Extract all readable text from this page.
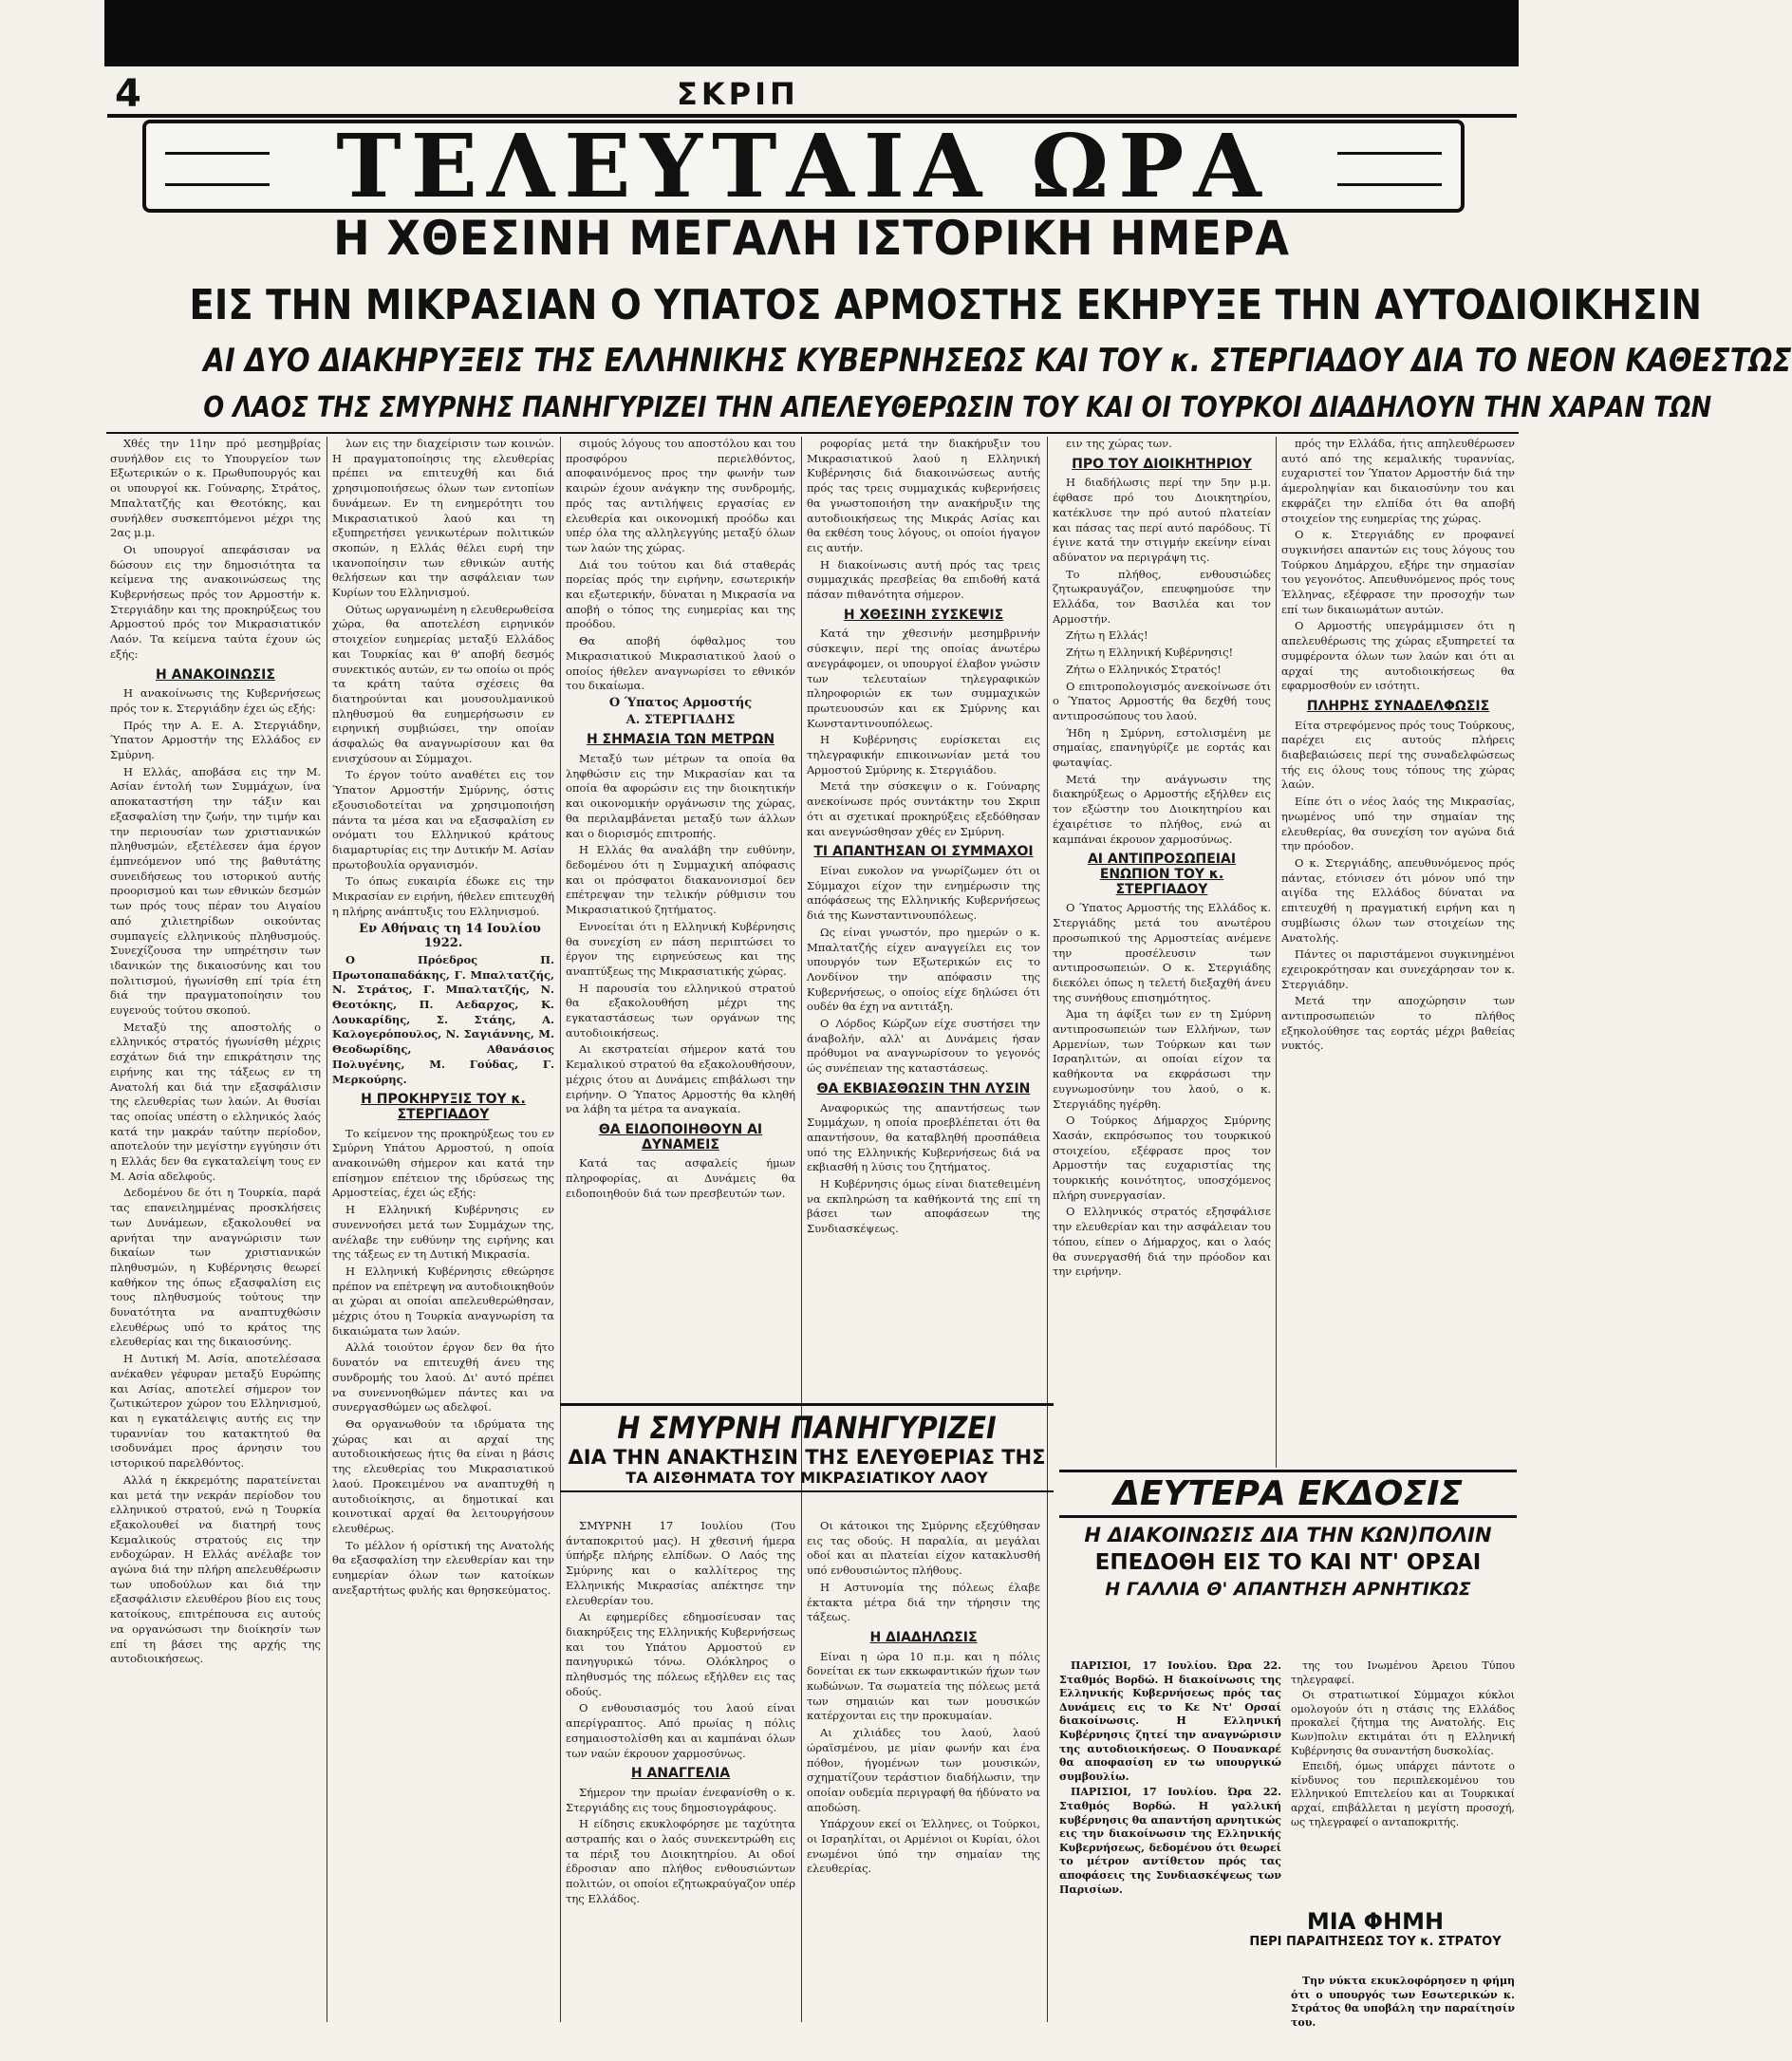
4	ΣΚΡΙΠ
ΤΕΛΕΥΤΑΙΑ ΩΡΑ
Η ΧΘΕΣΙΝΗ ΜΕΓΑΛΗ ΙΣΤΟΡΙΚΗ ΗΜΕΡΑ
ΕΙΣ ΤΗΝ ΜΙΚΡΑΣΙΑΝ Ο ΥΠΑΤΟΣ ΑΡΜΟΣΤΗΣ ΕΚΗΡΥΞΕ ΤΗΝ ΑΥΤΟΔΙΟΙΚΗΣΙΝ
ΑΙ ΔΥΟ ΔΙΑΚΗΡΥΞΕΙΣ ΤΗΣ ΕΛΛΗΝΙΚΗΣ ΚΥΒΕΡΝΗΣΕΩΣ ΚΑΙ ΤΟΥ κ. ΣΤΕΡΓΙΑΔΟΥ ΔΙΑ ΤΟ ΝΕΟΝ ΚΑΘΕΣΤΩΣ
Ο ΛΑΟΣ ΤΗΣ ΣΜΥΡΝΗΣ ΠΑΝΗΓΥΡΙΖΕΙ ΤΗΝ ΑΠΕΛΕΥΘΕΡΩΣΙΝ ΤΟΥ ΚΑΙ ΟΙ ΤΟΥΡΚΟΙ ΔΙΑΔΗΛΟΥΝ ΤΗΝ ΧΑΡΑΝ ΤΩΝ

Χθές την 11ην πρό μεσημβρίας συνήλθον εις το Υπουργείον των Εξωτερικών ο κ. Πρωθυπουργός και οι υπουργοί κκ. Γούναρης, Στράτος, Μπαλτατζής και Θεοτόκης, και συνήλθεν συσκεπτόμενοι μέχρι της 2ας μ.μ.

Οι υπουργοί απεφάσισαν να δώσουν εις την δημοσιότητα τα κείμενα της ανακοινώσεως της Κυβερνήσεως πρός τον Αρμοστήν κ. Στεργιάδην και της προκηρύξεως του Αρμοστού πρός τον Μικρασιατικόν Λαόν. Τα κείμενα ταύτα έχουν ώς εξής:

Η ΑΝΑΚΟΙΝΩΣΙΣ

Η ανακοίνωσις της Κυβερνήσεως πρός τον κ. Στεργιάδην έχει ώς εξής:

Πρός την Α. Ε. Α. Στεργιάδην, Ύπατον Αρμοστήν της Ελλάδος εν Σμύρνη.

Η Ελλάς, αποβάσα εις την Μ. Ασίαν έντολή των Συμμάχων, ίνα αποκαταστήση την τάξιν και εξασφαλίση την ζωήν, την τιμήν και την περιουσίαν των χριστιανικών πληθυσμών, εξετέλεσεν άμα έργον έμπνεόμενον υπό της βαθυτάτης συνειδήσεως του ιστορικού αυτής προορισμού και των εθνικών δεσμών των πρός τους πέραν του Αιγαίου από χιλιετηρίδων οικούντας συμπαγείς ελληνικούς πληθυσμούς. Συνεχίζουσα την υπηρέτησιν των ιδανικών της δικαιοσύνης και του πολιτισμού, ήγωνίσθη επί τρία έτη διά την πραγματοποίησιν του ευγενούς τούτου σκοπού.

Μεταξύ της αποστολής ο ελληνικός στρατός ήγωνίσθη μέχρις εσχάτων διά την επικράτησιν της ειρήνης και της τάξεως εν τη Ανατολή και διά την εξασφάλισιν της ελευθερίας των λαών. Αι θυσίαι τας οποίας υπέστη ο ελληνικός λαός κατά την μακράν ταύτην περίοδον, αποτελούν την μεγίστην εγγύησιν ότι η Ελλάς δεν θα εγκαταλείψη τους εν Μ. Ασία αδελφούς.

Δεδομένου δε ότι η Τουρκία, παρά τας επανειλημμένας προσκλήσεις των Δυνάμεων, εξακολουθεί να αρνήται την αναγνώρισιν των δικαίων των χριστιανικών πληθυσμών, η Κυβέρνησις θεωρεί καθήκον της όπως εξασφαλίση εις τους πληθυσμούς τούτους την δυνατότητα να αναπτυχθώσιν ελευθέρως υπό το κράτος της ελευθερίας και της δικαιοσύνης.

Η Δυτική Μ. Ασία, αποτελέσασα ανέκαθεν γέφυραν μεταξύ Ευρώπης και Ασίας, αποτελεί σήμερον τον ζωτικώτερον χώρον του Ελληνισμού, και η εγκατάλειψις αυτής εις την τυραννίαν του κατακτητού θα ισοδυνάμει προς άρνησιν του ιστορικού παρελθόντος.

Αλλά η έκκρεμότης παρατείνεται και μετά την νεκράν περίοδον του ελληνικού στρατού, ενώ η Τουρκία εξακολουθεί να διατηρή τους Κεμαλικούς στρατούς εις την ενδοχώραν. Η Ελλάς ανέλαβε τον αγώνα διά την πλήρη απελευθέρωσιν των υποδούλων και διά την εξασφάλισιν ελευθέρου βίου εις τους κατοίκους, επιτρέπουσα εις αυτούς να οργανώσωσι την διοίκησίν των επί τη βάσει της αρχής της αυτοδιοικήσεως.

λων εις την διαχείρισιν των κοινών. Η πραγματοποίησις της ελευθερίας πρέπει να επιτευχθή και διά χρησιμοποιήσεως όλων των εντοπίων δυνάμεων. Εν τη ενημερότητι του Μικρασιατικού λαού και τη εξυπηρετήσει γενικωτέρων πολιτικών σκοπών, η Ελλάς θέλει ευρή την ικανοποίησιν των εθνικών αυτής θελήσεων και την ασφάλειαν των Κυρίων του Ελληνισμού.

Ούτως ωργανωμένη η ελευθερωθείσα χώρα, θα αποτελέση ειρηνικόν στοιχείον ευημερίας μεταξύ Ελλάδος και Τουρκίας και θ' αποβή δεσμός συνεκτικός αυτών, εν τω οποίω οι πρός τα κράτη ταύτα σχέσεις θα διατηρούνται και μουσουλμανικού πληθυσμού θα ευημερήσωσιν εν ειρηνική συμβιώσει, την οποίαν άσφαλώς θα αναγνωρίσουν και θα ενισχύσουν αι Σύμμαχοι.

Το έργον τούτο αναθέτει εις τον Ύπατον Αρμοστήν Σμύρνης, όστις εξουσιοδοτείται να χρησιμοποιήση πάντα τα μέσα και να εξασφαλίση εν ονόματι του Ελληνικού κράτους διαμαρτυρίας εις την Δυτικήν Μ. Ασίαν πρωτοβουλία οργανισμόν.

Το όπως ευκαιρία έδωκε εις την Μικρασίαν εν ειρήνη, ήθελεν επιτευχθή η πλήρης ανάπτυξις του Ελληνισμού.

Εν Αθήναις τη 14 Ιουλίου 1922.

Ο Πρόεδρος Π. Πρωτοπαπαδάκης, Γ. Μπαλτατζής, Ν. Στράτος, Γ. Μπαλτατζής, Ν. Θεοτόκης, Π. Αεδαρχος, Κ. Λουκαρίδης, Σ. Στάης, Α. Καλογερόπουλος, Ν. Σαγιάννης, Μ. Θεοδωρίδης, Αθανάσιος Πολυγένης, Μ. Γούδας, Γ. Μερκούρης.

Η ΠΡΟΚΗΡΥΞΙΣ ΤΟΥ κ. ΣΤΕΡΓΙΑΔΟΥ

Το κείμενον της προκηρύξεως του εν Σμύρνη Υπάτου Αρμοστού, η οποία ανακοινώθη σήμερον και κατά την επίσημον επέτειον της ιδρύσεως της Αρμοστείας, έχει ώς εξής:

Η Ελληνική Κυβέρνησις εν συνεννοήσει μετά των Συμμάχων της, ανέλαβε την ευθύνην της ειρήνης και της τάξεως εν τη Δυτική Μικρασία.

Η Ελληνική Κυβέρνησις εθεώρησε πρέπον να επέτρεψη να αυτοδιοικηθούν αι χώραι αι οποίαι απελευθερώθησαν, μέχρις ότου η Τουρκία αναγνωρίση τα δικαιώματα των λαών.

Αλλά τοιούτον έργον δεν θα ήτο δυνατόν να επιτευχθή άνευ της συνδρομής του λαού. Δι' αυτό πρέπει να συνεννοηθώμεν πάντες και να συνεργασθώμεν ως αδελφοί.

Θα οργανωθούν τα ιδρύματα της χώρας και αι αρχαί της αυτοδιοικήσεως ήτις θα είναι η βάσις της ελευθερίας του Μικρασιατικού λαού. Προκειμένου να αναπτυχθή η αυτοδιοίκησις, αι δημοτικαί και κοινοτικαί αρχαί θα λειτουργήσουν ελευθέρως.

Το μέλλον ή ορίστική της Ανατολής θα εξασφαλίση την ελευθερίαν και την ευημερίαν όλων των κατοίκων ανεξαρτήτως φυλής και θρησκεύματος.

σιμούς λόγους του αποστόλου και του προσφόρου περιελθόντος, αποφαινόμενος προς την φωνήν των καιρών έχουν ανάγκην της συνδρομής, πρός τας αντιλήψεις εργασίας εν ελευθερία και οικονομική προόδω και υπέρ όλα της αλληλεγγύης μεταξύ όλων των λαών της χώρας.

Διά του τούτου και διά σταθεράς πορείας πρός την ειρήνην, εσωτερικήν και εξωτερικήν, δύναται η Μικρασία να αποβή ο τόπος της ευημερίας και της προόδου.

Θα αποβή όφθαλμος του Μικρασιατικού Μικρασιατικού λαού ο οποίος ήθελεν αναγνωρίσει το εθνικόν του δικαίωμα.

Ο Ύπατος Αρμοστής
Α. ΣΤΕΡΓΙΑΔΗΣ
Η ΣΗΜΑΣΙΑ ΤΩΝ ΜΕΤΡΩΝ

Μεταξύ των μέτρων τα οποία θα ληφθώσιν εις την Μικρασίαν και τα οποία θα αφορώσιν εις την διοικητικήν και οικονομικήν οργάνωσιν της χώρας, θα περιλαμβάνεται μεταξύ των άλλων και ο διορισμός επιτροπής.

Η Ελλάς θα αναλάβη την ευθύνην, δεδομένου ότι η Συμμαχική απόφασις και οι πρόσφατοι διακανονισμοί δεν επέτρεψαν την τελικήν ρύθμισιν του Μικρασιατικού ζητήματος.

Εννοείται ότι η Ελληνική Κυβέρνησις θα συνεχίση εν πάση περιπτώσει το έργον της ειρηνεύσεως και της αναπτύξεως της Μικρασιατικής χώρας.

Η παρουσία του ελληνικού στρατού θα εξακολουθήση μέχρι της εγκαταστάσεως των οργάνων της αυτοδιοικήσεως.

Αι εκστρατείαι σήμερον κατά του Κεμαλικού στρατού θα εξακολουθήσουν, μέχρις ότου αι Δυνάμεις επιβάλωσι την ειρήνην. Ο Ύπατος Αρμοστής θα κληθή να λάβη τα μέτρα τα αναγκαία.

ΘΑ ΕΙΔΟΠΟΙΗΘΟΥΝ ΑΙ ΔΥΝΑΜΕΙΣ

Κατά τας ασφαλείς ήμων πληροφορίας, αι Δυνάμεις θα ειδοποιηθούν διά των πρεσβευτών των.

ροφορίας μετά την διακήρυξιν του Μικρασιατικού λαού η Ελληνική Κυβέρνησις διά διακοινώσεως αυτής πρός τας τρεις συμμαχικάς κυβερνήσεις θα γνωστοποιήση την ανακήρυξιν της αυτοδιοικήσεως της Μικράς Ασίας και θα εκθέση τους λόγους, οι οποίοι ήγαγον εις αυτήν.

Η διακοίνωσις αυτή πρός τας τρεις συμμαχικάς πρεσβείας θα επιδοθή κατά πάσαν πιθανότητα σήμερον.

Η ΧΘΕΣΙΝΗ ΣΥΣΚΕΨΙΣ

Κατά την χθεσινήν μεσημβρινήν σύσκεψιν, περί της οποίας άνωτέρω ανεγράφομεν, οι υπουργοί έλαβον γνώσιν των τελευταίων τηλεγραφικών πληροφοριών εκ των συμμαχικών πρωτευουσών και εκ Σμύρνης και Κωνσταντινουπόλεως.

Η Κυβέρνησις ευρίσκεται εις τηλεγραφικήν επικοινωνίαν μετά του Αρμοστού Σμύρνης κ. Στεργιάδου.

Μετά την σύσκεψιν ο κ. Γούναρης ανεκοίνωσε πρός συντάκτην του Σκριπ ότι αι σχετικαί προκηρύξεις εξεδόθησαν και ανεγνώσθησαν χθές εν Σμύρνη.

ΤΙ ΑΠΑΝΤΗΣΑΝ ΟΙ ΣΥΜΜΑΧΟΙ

Είναι ευκολον να γνωρίζωμεν ότι οι Σύμμαχοι είχον την ενημέρωσιν της απόφάσεως της Ελληνικής Κυβερνήσεως διά της Κωνσταντινουπόλεως.

Ως είναι γνωστόν, προ ημερών ο κ. Μπαλτατζής είχεν αναγγείλει εις τον υπουργόν των Εξωτερικών εις το Λονδίνον την απόφασιν της Κυβερνήσεως, ο οποίος είχε δηλώσει ότι ουδέν θα έχη να αντιτάξη.

Ο Λόρδος Κώρζων είχε συστήσει την άναβολήν, αλλ' αι Δυνάμεις ήσαν πρόθυμοι να αναγνωρίσουν το γεγονός ώς συνέπειαν της καταστάσεως.

ΘΑ ΕΚΒΙΑΣΘΩΣΙΝ ΤΗΝ ΛΥΣΙΝ

Αναφορικώς της απαντήσεως των Συμμάχων, η οποία προεβλέπεται ότι θα απαντήσουν, θα καταβληθή προσπάθεια υπό της Ελληνικής Κυβερνήσεως διά να εκβιασθή η λύσις του ζητήματος.

Η Κυβέρνησις όμως είναι διατεθειμένη να εκπληρώση τα καθήκοντά της επί τη βάσει των αποφάσεων της Συνδιασκέψεως.

ειν της χώρας των.

ΠΡΟ ΤΟΥ ΔΙΟΙΚΗΤΗΡΙΟΥ

Η διαδήλωσις περί την 5ην μ.μ. έφθασε πρό του Διοικητηρίου, κατέκλυσε την πρό αυτού πλατείαν και πάσας τας περί αυτό παρόδους. Τί έγινε κατά την στιγμήν εκείνην είναι αδύνατον να περιγράψη τις.

Το πλήθος, ενθουσιώδες ζητωκραυγάζον, επευφημούσε την Ελλάδα, τον Βασιλέα και τον Αρμοστήν.

Ζήτω η Ελλάς!

Ζήτω η Ελληνική Κυβέρνησις!

Ζήτω ο Ελληνικός Στρατός!

Ο επιτροπολογισμός ανεκοίνωσε ότι ο Ύπατος Αρμοστής θα δεχθή τους αντιπροσώπους του λαού.

Ήδη η Σμύρνη, εστολισμένη με σημαίας, επανηγύρίζε με εορτάς και φωταψίας.

Μετά την ανάγνωσιν της διακηρύξεως ο Αρμοστής εξήλθεν εις τον εξώστην του Διοικητηρίου και έχαιρέτισε το πλήθος, ενώ αι καμπάναι έκρουον χαρμοσύνως.

ΑΙ ΑΝΤΙΠΡΟΣΩΠΕΙΑΙ ΕΝΩΠΙΟΝ ΤΟΥ κ. ΣΤΕΡΓΙΑΔΟΥ

Ο Ύπατος Αρμοστής της Ελλάδος κ. Στεργιάδης μετά του ανωτέρου προσωπικού της Αρμοστείας ανέμενε την προσέλευσιν των αντιπροσωπειών. Ο κ. Στεργιάδης διεκόλει όπως η τελετή διεξαχθή άνευ της συνήθους επισημότητος.

Άμα τη άφίξει των εν τη Σμύρνη αντιπροσωπειών των Ελλήνων, των Αρμενίων, των Τούρκων και των Ισραηλιτών, αι οποίαι είχον τα καθήκοντα να εκφράσωσι την ευγνωμοσύνην του λαού, ο κ. Στεργιάδης ηγέρθη.

Ο Τούρκος Δήμαρχος Σμύρνης Χασάν, εκπρόσωπος του τουρκικού στοιχείου, εξέφρασε προς τον Αρμοστήν τας ευχαριστίας της τουρκικής κοινότητος, υποσχόμενος πλήρη συνεργασίαν.

Ο Ελληνικός στρατός εξησφάλισε την ελευθερίαν και την ασφάλειαν του τόπου, είπεν ο Δήμαρχος, και ο λαός θα συνεργασθή διά την πρόοδον και την ειρήνην.

πρός την Ελλάδα, ήτις απηλευθέρωσεν αυτό από της κεμαλικής τυραννίας, ευχαριστεί τον Ύπατον Αρμοστήν διά την άμεροληψίαν και δικαιοσύνην του και εκφράζει την ελπίδα ότι θα αποβή στοιχείον της ευημερίας της χώρας.

Ο κ. Στεργιάδης εν προφανεί συγκινήσει απαντών εις τους λόγους του Τούρκου Δημάρχου, εξήρε την σημασίαν του γεγονότος. Απευθυνόμενος πρός τους Έλληνας, εξέφρασε την προσοχήν των επί των δικαιωμάτων αυτών.

Ο Αρμοστής υπεγράμμισεν ότι η απελευθέρωσις της χώρας εξυπηρετεί τα συμφέροντα όλων των λαών και ότι αι αρχαί της αυτοδιοικήσεως θα εφαρμοσθούν εν ισότητι.

ΠΛΗΡΗΣ ΣΥΝΑΔΕΛΦΩΣΙΣ

Είτα στρεφόμενος πρός τους Τούρκους, παρέχει εις αυτούς πλήρεις διαβεβαιώσεις περί της συναδελφώσεως τής εις όλους τους τόπους της χώρας λαών.

Είπε ότι ο νέος λαός της Μικρασίας, ηνωμένος υπό την σημαίαν της ελευθερίας, θα συνεχίση τον αγώνα διά την πρόοδον.

Ο κ. Στεργιάδης, απευθυνόμενος πρός πάντας, ετόνισεν ότι μόνον υπό την αιγίδα της Ελλάδος δύναται να επιτευχθή η πραγματική ειρήνη και η συμβίωσις όλων των στοιχείων της Ανατολής.

Πάντες οι παριστάμενοι συγκινημένοι εχειροκρότησαν και συνεχάρησαν τον κ. Στεργιάδην.

Μετά την αποχώρησιν των αντιπροσωπειών το πλήθος εξηκολούθησε τας εορτάς μέχρι βαθείας νυκτός.

Η ΣΜΥΡΝΗ ΠΑΝΗΓΥΡΙΖΕΙ
ΔΙΑ ΤΗΝ ΑΝΑΚΤΗΣΙΝ ΤΗΣ ΕΛΕΥΘΕΡΙΑΣ ΤΗΣ
ΤΑ ΑΙΣΘΗΜΑΤΑ ΤΟΥ ΜΙΚΡΑΣΙΑΤΙΚΟΥ ΛΑΟΥ

ΣΜΥΡΝΗ 17 Ιουλίου (Του άνταποκριτού μας). Η χθεσινή ήμερα ύπήρξε πλήρης ελπίδων. Ο Λαός της Σμύρνης και ο καλλίτερος της Ελληνικής Μικρασίας απέκτησε την ελευθερίαν του.

Αι εφημερίδες εδημοσίευσαν τας διακηρύξεις της Ελληνικής Κυβερνήσεως και του Υπάτου Αρμοστού εν πανηγυρικώ τόνω. Ολόκληρος ο πληθυσμός της πόλεως εξήλθεν εις τας οδούς.

Ο ενθουσιασμός του λαού είναι απερίγραπτος. Από πρωίας η πόλις εσημαιοστολίσθη και αι καμπάναι όλων των ναών έκρουον χαρμοσύνως.

Η ΑΝΑΓΓΕΛΙΑ

Σήμερον την πρωίαν ένεφανίσθη ο κ. Στεργιάδης εις τους δημοσιογράφους.

Η είδησις εκυκλοφόρησε με ταχύτητα αστραπής και ο λαός συνεκεντρώθη εις τα πέριξ του Διοικητηρίου. Αι οδοί έδροσιαν απο πλήθος ενθουσιώντων πολιτών, οι οποίοι εζητωκραύγαζον υπέρ της Ελλάδος.

Οι κάτοικοι της Σμύρνης εξεχύθησαν εις τας οδούς. Η παραλία, αι μεγάλαι οδοί και αι πλατείαι είχον κατακλυσθή υπό ενθουσιώντος πλήθους.

Η Αστυνομία της πόλεως έλαβε έκτακτα μέτρα διά την τήρησιν της τάξεως.

Η ΔΙΑΔΗΛΩΣΙΣ

Είναι η ώρα 10 π.μ. και η πόλις δονείται εκ των εκκωφαντικών ήχων των κωδώνων. Τα σωματεία της πόλεως μετά των σημαιών και των μουσικών κατέρχονται εις την προκυμαίαν.

Αι χιλιάδες του λαού, λαού ώραϊσμένου, με μίαν φωνήν και ένα πόθον, ήγομένων των μουσικών, σχηματίζουν τεράστιον διαδήλωσιν, την οποίαν ουδεμία περιγραφή θα ήδύνατο να αποδώση.

Υπάρχουν εκεί οι Έλληνες, οι Τούρκοι, οι Ισραηλίται, οι Αρμένιοι οι Κυρίαι, όλοι ενωμένοι ύπό την σημαίαν της ελευθερίας.

ΔΕΥΤΕΡΑ ΕΚΔΟΣΙΣ
Η ΔΙΑΚΟΙΝΩΣΙΣ ΔΙΑ ΤΗΝ ΚΩΝ)ΠΟΛΙΝ
ΕΠΕΔΟΘΗ ΕΙΣ ΤΟ ΚΑΙ ΝΤ' ΟΡΣΑΙ
Η ΓΑΛΛΙΑ Θ' ΑΠΑΝΤΗΣΗ ΑΡΝΗΤΙΚΩΣ

ΠΑΡΙΣΙΟΙ, 17 Ιουλίου. Ώρα 22. Σταθμός Βορδώ. Η διακοίνωσις της Ελληνικής Κυβερνήσεως πρός τας Δυνάμεις εις το Κε Ντ' Ορσαί διακοίνωσις. Η Ελληνική Κυβέρνησις ζητεί την αναγνώρισιν της αυτοδιοικήσεως. Ο Πουανκαρέ θα αποφασίση εν τω υπουργικώ συμβουλίω.

ΠΑΡΙΣΙΟΙ, 17 Ιουλίου. Ώρα 22. Σταθμός Βορδώ. Η γαλλική κυβέρνησις θα απαντήση αρνητικώς εις την διακοίνωσιν της Ελληνικής Κυβερνήσεως, δεδομένου ότι θεωρεί το μέτρον αντίθετον πρός τας αποφάσεις της Συνδιασκέψεως των Παρισίων.

της του Ινωμένου Άρειου Τύπου τηλεγραφεί.

Οι στρατιωτικοί Σύμμαχοι κύκλοι ομολογούν ότι η στάσις της Ελλάδος προκαλεί ζήτημα της Ανατολής. Εις Κων)πολιν εκτιμάται ότι η Ελληνική Κυβέρνησις θα συναντήση δυσκολίας.

Επειδή, όμως υπάρχει πάντοτε ο κίνδυνος του περιπλεκομένου του Ελληνικού Επιτελείου και αι Τουρκικαί αρχαί, επιβάλλεται η μεγίστη προσοχή, ως τηλεγραφεί ο ανταποκριτής.

ΜΙΑ ΦΗΜΗ
ΠΕΡΙ ΠΑΡΑΙΤΗΣΕΩΣ ΤΟΥ κ. ΣΤΡΑΤΟΥ

Την νύκτα εκυκλοφόρησεν η φήμη ότι ο υπουργός των Εσωτερικών κ. Στράτος θα υποβάλη την παραίτησίν του.
